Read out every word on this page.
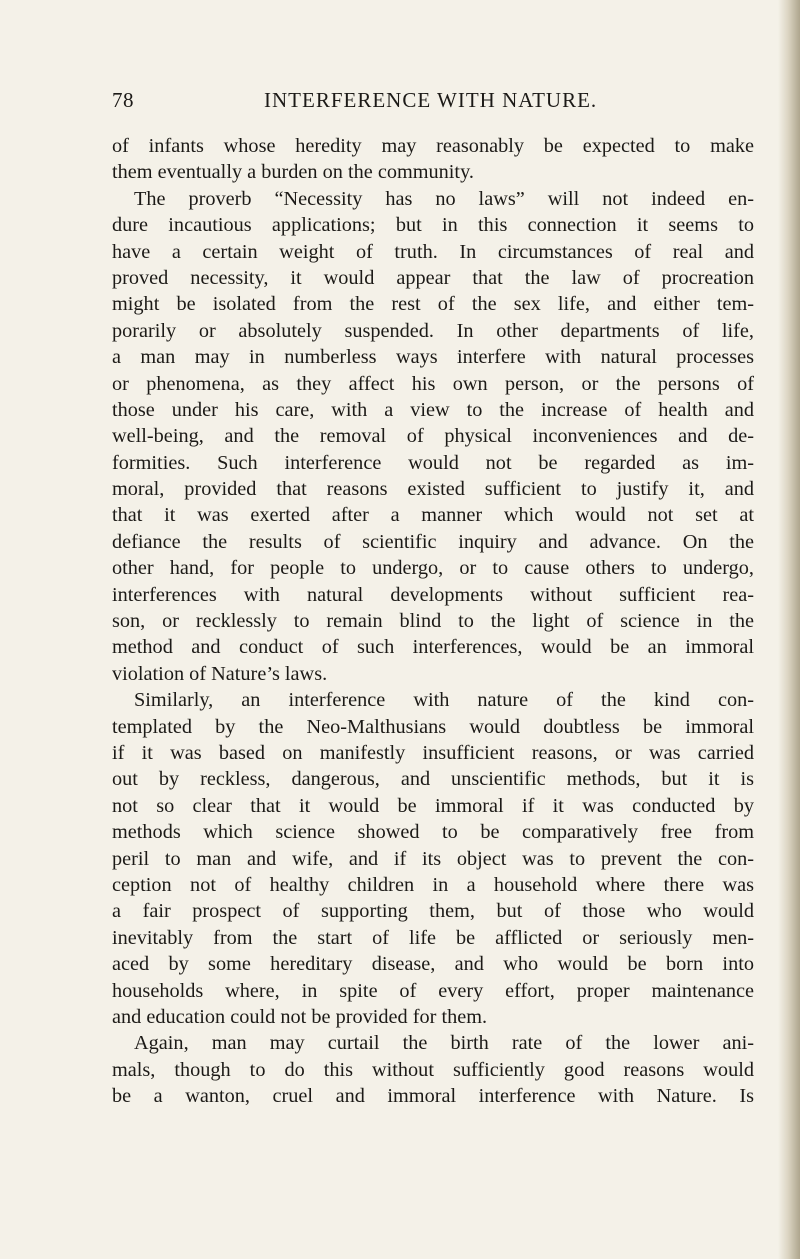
78	INTERFERENCE WITH NATURE.
of infants whose heredity may reasonably be expected to make
them eventually a burden on the community.
The proverb “Necessity has no laws” will not indeed en-
dure incautious applications; but in this connection it seems to
have a certain weight of truth. In circumstances of real and
proved necessity, it would appear that the law of procreation
might be isolated from the rest of the sex life, and either tem-
porarily or absolutely suspended. In other departments of life,
a man may in numberless ways interfere with natural processes
or phenomena, as they affect his own person, or the persons of
those under his care, with a view to the increase of health and
well-being, and the removal of physical inconveniences and de-
formities. Such interference would not be regarded as im-
moral, provided that reasons existed sufficient to justify it, and
that it was exerted after a manner which would not set at
defiance the results of scientific inquiry and advance. On the
other hand, for people to undergo, or to cause others to undergo,
interferences with natural developments without sufficient rea-
son, or recklessly to remain blind to the light of science in the
method and conduct of such interferences, would be an immoral
violation of Nature’s laws.
Similarly, an interference with nature of the kind con-
templated by the Neo-Malthusians would doubtless be immoral
if it was based on manifestly insufficient reasons, or was carried
out by reckless, dangerous, and unscientific methods, but it is
not so clear that it would be immoral if it was conducted by
methods which science showed to be comparatively free from
peril to man and wife, and if its object was to prevent the con-
ception not of healthy children in a household where there was
a fair prospect of supporting them, but of those who would
inevitably from the start of life be afflicted or seriously men-
aced by some hereditary disease, and who would be born into
households where, in spite of every effort, proper maintenance
and education could not be provided for them.
Again, man may curtail the birth rate of the lower ani-
mals, though to do this without sufficiently good reasons would
be a wanton, cruel and immoral interference with Nature. Is
